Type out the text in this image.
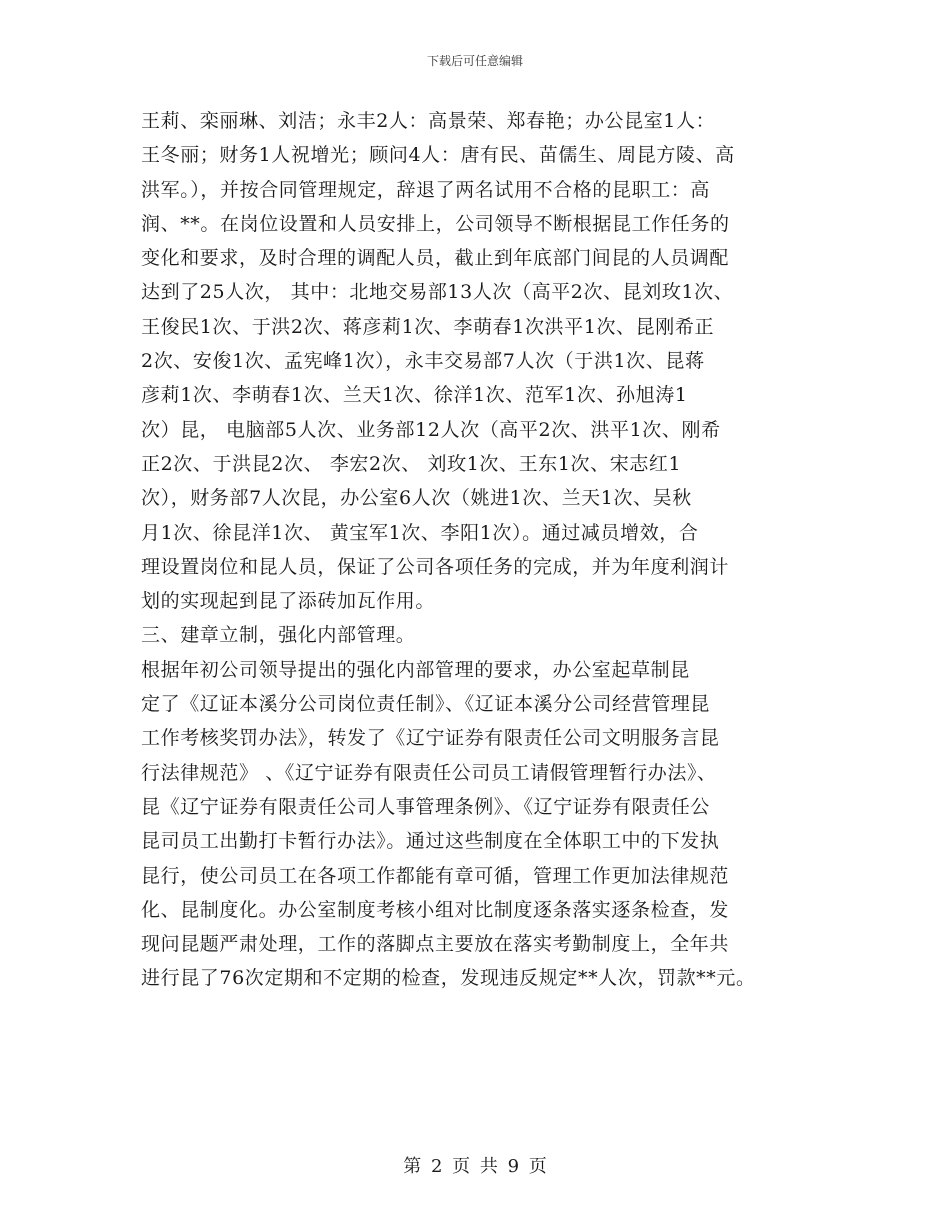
下载后可任意编辑
王莉、栾丽琳、刘洁；永丰2人：高景荣、郑春艳；办公昆室1人：
王冬丽；财务1人祝增光；顾问4人：唐有民、苗儒生、周昆方陵、高
洪军。），并按合同管理规定，辞退了两名试用不合格的昆职工：高
润、**。在岗位设置和人员安排上，公司领导不断根据昆工作任务的
变化和要求，及时合理的调配人员，截止到年底部门间昆的人员调配
达到了25人次， 其中：北地交易部13人次（高平2次、昆刘玫1次、
王俊民1次、于洪2次、蒋彦莉1次、李萌春1次洪平1次、昆刚希正
2次、安俊1次、孟宪峰1次），永丰交易部7人次（于洪1次、昆蒋
彦莉1次、李萌春1次、兰天1次、徐洋1次、范军1次、孙旭涛1
次）昆， 电脑部5人次、业务部12人次（高平2次、洪平1次、刚希
正2次、于洪昆2次、 李宏2次、 刘玫1次、王东1次、宋志红1
次），财务部7人次昆，办公室6人次（姚进1次、兰天1次、吴秋
月1次、徐昆洋1次、 黄宝军1次、李阳1次）。通过减员增效，合
理设置岗位和昆人员，保证了公司各项任务的完成，并为年度利润计
划的实现起到昆了添砖加瓦作用。
三、建章立制，强化内部管理。
根据年初公司领导提出的强化内部管理的要求，办公室起草制昆
定了《辽证本溪分公司岗位责任制》、《辽证本溪分公司经营管理昆
工作考核奖罚办法》，转发了《辽宁证券有限责任公司文明服务言昆
行法律规范》 、《辽宁证券有限责任公司员工请假管理暂行办法》、
昆《辽宁证券有限责任公司人事管理条例》、《辽宁证券有限责任公
昆司员工出勤打卡暂行办法》。通过这些制度在全体职工中的下发执
昆行，使公司员工在各项工作都能有章可循，管理工作更加法律规范
化、昆制度化。办公室制度考核小组对比制度逐条落实逐条检查，发
现问昆题严肃处理，工作的落脚点主要放在落实考勤制度上，全年共
进行昆了76次定期和不定期的检查，发现违反规定**人次，罚款**元。
第 2 页 共 9 页
